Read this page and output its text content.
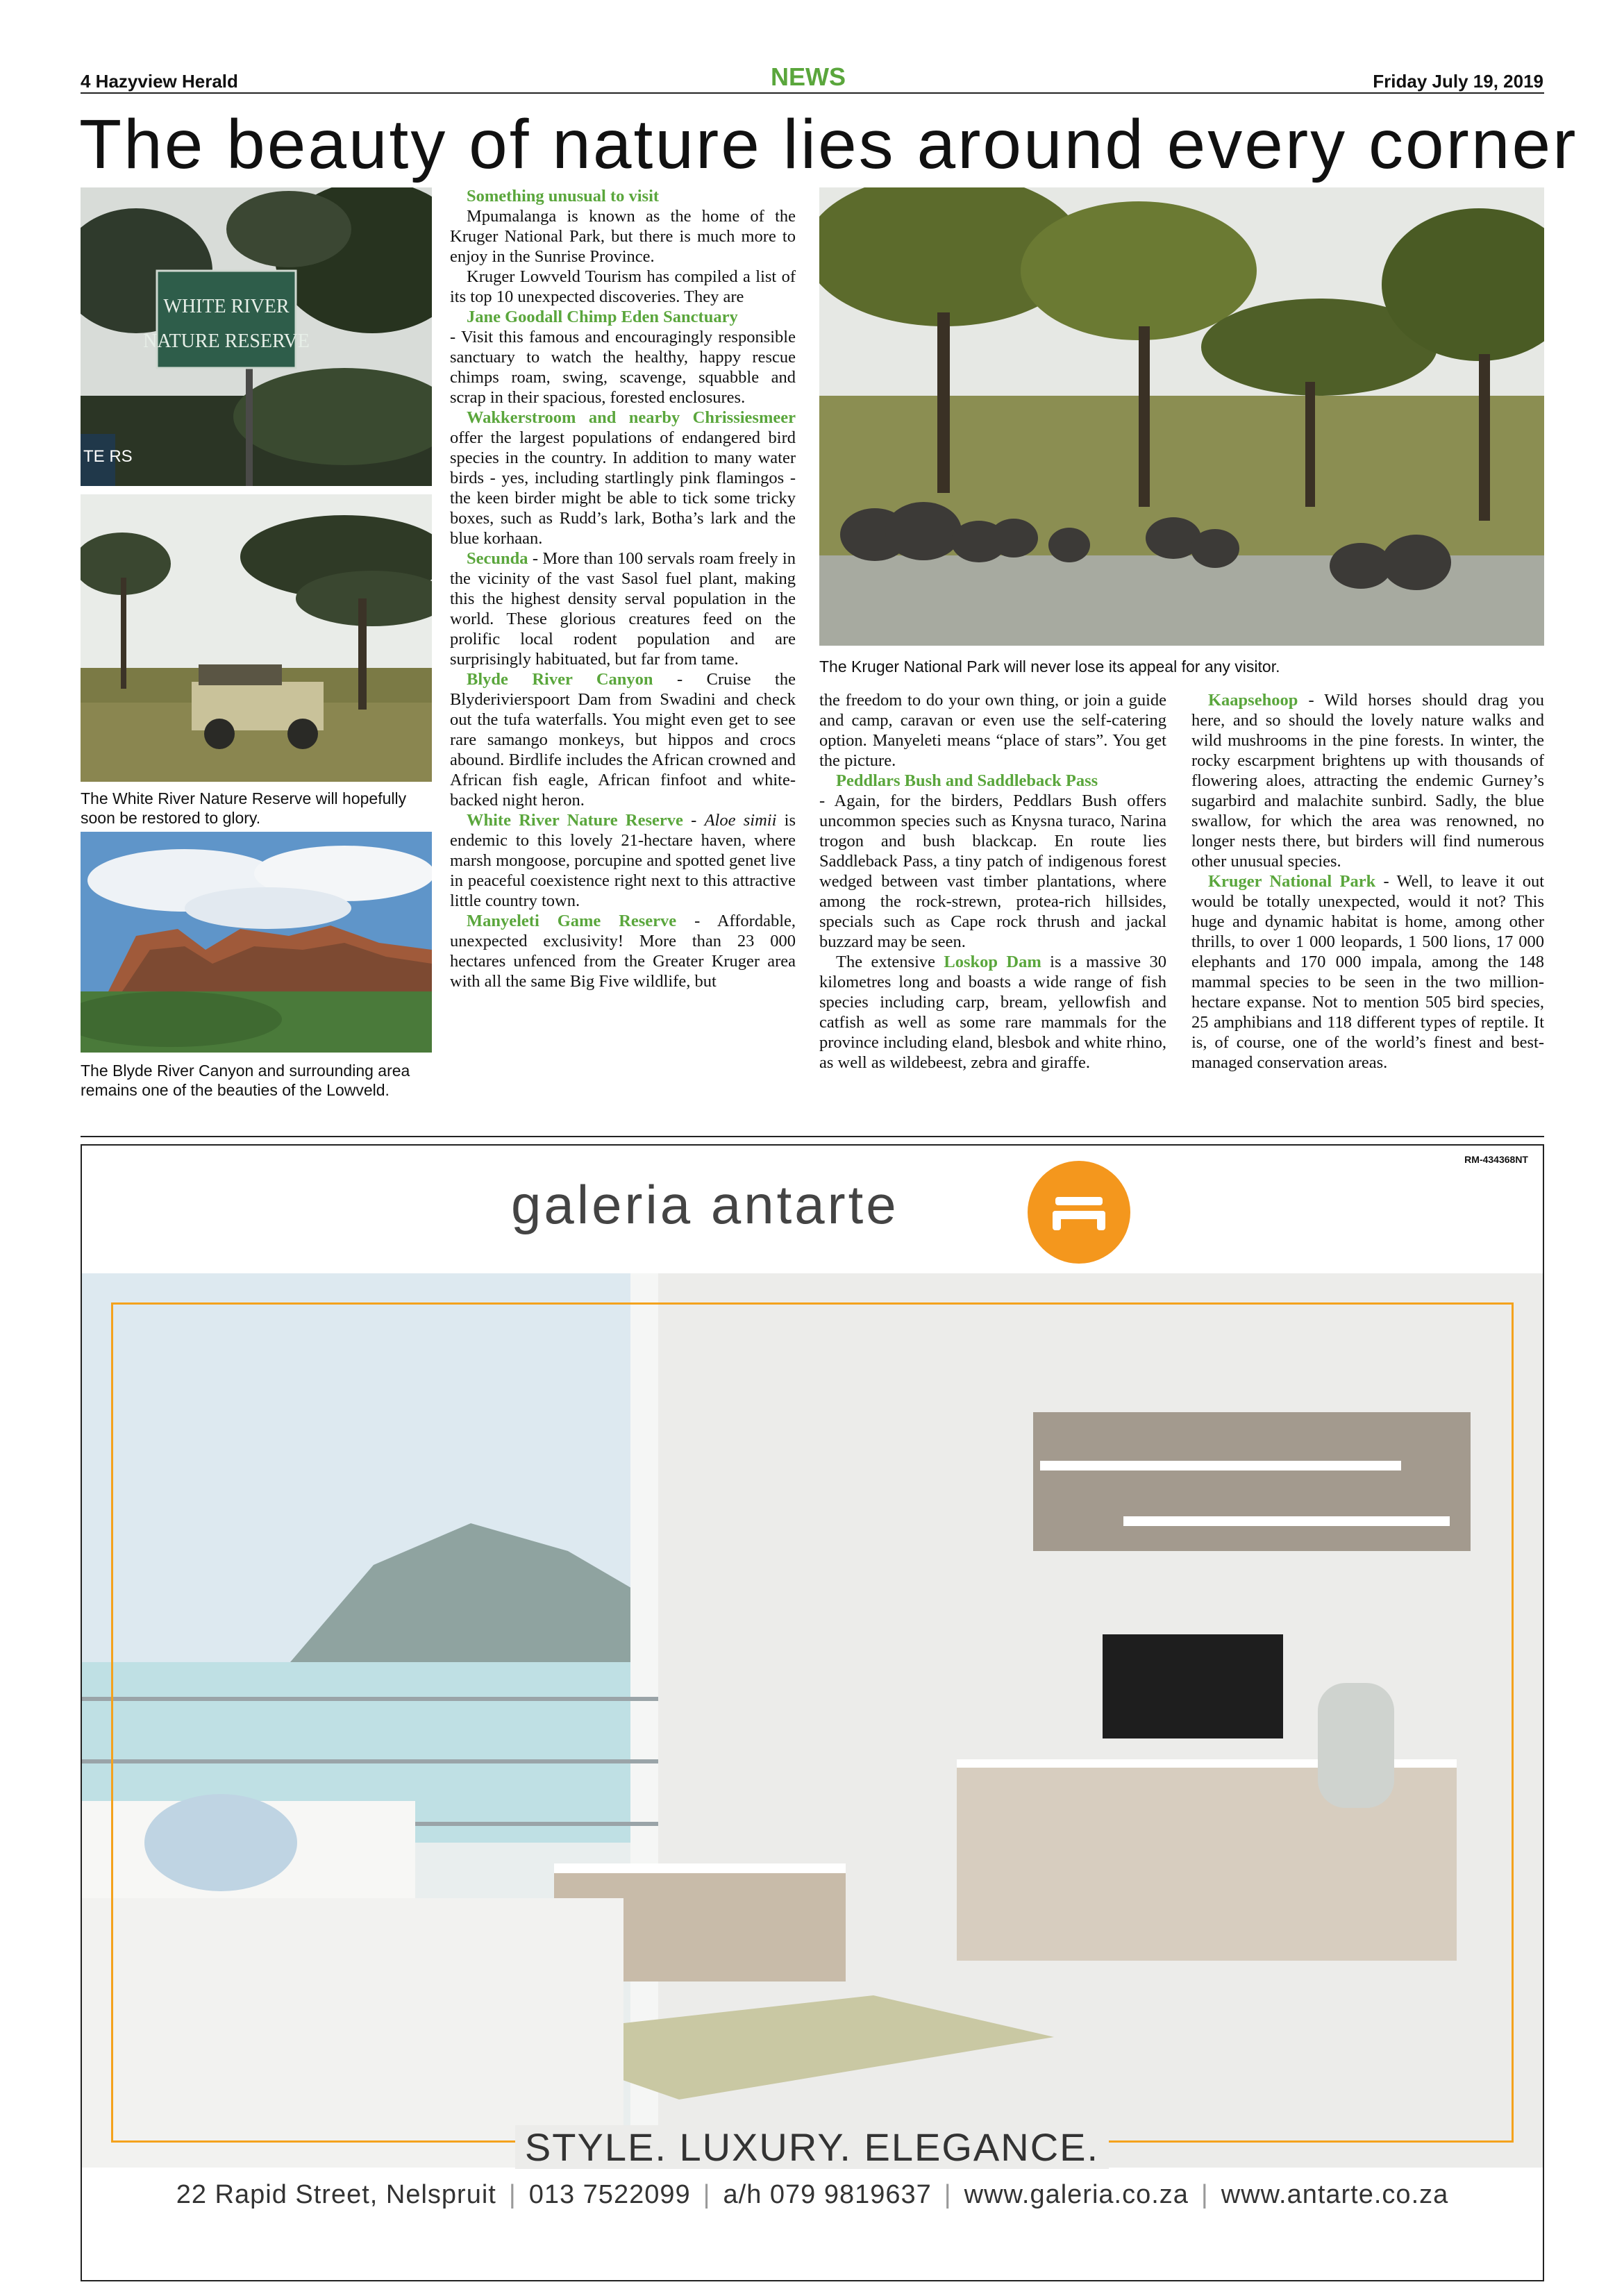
4 Hazyview Herald	NEWS	Friday July 19, 2019
The beauty of nature lies around every corner
WHITE RIVER
NATURE RESERVE
TE RS
The White River Nature Reserve will hopefully soon be restored to glory.
The Blyde River Canyon and surrounding area remains one of the beauties of the Lowveld.
The Kruger National Park will never lose its appeal for any visitor.

Something unusual to visit

Mpumalanga is known as the home of the Kruger National Park, but there is much more to enjoy in the Sunrise Province.

Kruger Lowveld Tourism has compiled a list of its top 10 unexpected discoveries. They are

Jane Goodall Chimp Eden Sanctuary

- Visit this famous and encouragingly responsible sanctuary to watch the healthy, happy rescue chimps roam, swing, scavenge, squabble and scrap in their spacious, forested enclosures.

Wakkerstroom and nearby Chrissiesmeer offer the largest populations of endangered bird species in the country. In addition to many water birds - yes, including startlingly pink flamingos - the keen birder might be able to tick some tricky boxes, such as Rudd’s lark, Botha’s lark and the blue korhaan.

Secunda - More than 100 servals roam freely in the vicinity of the vast Sasol fuel plant, making this the highest density serval population in the world. These glorious creatures feed on the prolific local rodent population and are surprisingly habituated, but far from tame.

Blyde River Canyon - Cruise the Blyderivierspoort Dam from Swadini and check out the tufa waterfalls. You might even get to see rare samango monkeys, but hippos and crocs abound. Birdlife includes the African crowned and African fish eagle, African finfoot and white-backed night heron.

White River Nature Reserve - Aloe simii is endemic to this lovely 21-hectare haven, where marsh mongoose, porcupine and spotted genet live in peaceful coexistence right next to this attractive little country town.

Manyeleti Game Reserve - Affordable, unexpected exclusivity! More than 23 000 hectares unfenced from the Greater Kruger area with all the same Big Five wildlife, but

the freedom to do your own thing, or join a guide and camp, caravan or even use the self-catering option. Manyeleti means “place of stars”. You get the picture.

Peddlars Bush and Saddleback Pass

- Again, for the birders, Peddlars Bush offers uncommon species such as Knysna turaco, Narina trogon and bush blackcap. En route lies Saddleback Pass, a tiny patch of indigenous forest wedged between vast timber plantations, where among the rock-strewn, protea-rich hillsides, specials such as Cape rock thrush and jackal buzzard may be seen.

The extensive Loskop Dam is a massive 30 kilometres long and boasts a wide range of fish species including carp, bream, yellowfish and catfish as well as some rare mammals for the province including eland, blesbok and white rhino, as well as wildebeest, zebra and giraffe.

Kaapsehoop - Wild horses should drag you here, and so should the lovely nature walks and wild mushrooms in the pine forests. In winter, the rocky escarpment brightens up with thousands of flowering aloes, attracting the endemic Gurney’s sugarbird and malachite sunbird. Sadly, the blue swallow, for which the area was renowned, no longer nests there, but birders will find numerous other unusual species.

Kruger National Park - Well, to leave it out would be totally unexpected, would it not? This huge and dynamic habitat is home, among other thrills, to over 1 000 leopards, 1 500 lions, 17 000 elephants and 170 000 impala, among the 148 mammal species to be seen in the two million-hectare expanse. Not to mention 505 bird species, 25 amphibians and 118 different types of reptile. It is, of course, one of the world’s finest and best-managed conservation areas.

RM-434368NT
galeria antarte
STYLE. LUXURY. ELEGANCE.
22 Rapid Street, Nelspruit | 013 7522099 | a/h 079 9819637 | www.galeria.co.za | www.antarte.co.za
